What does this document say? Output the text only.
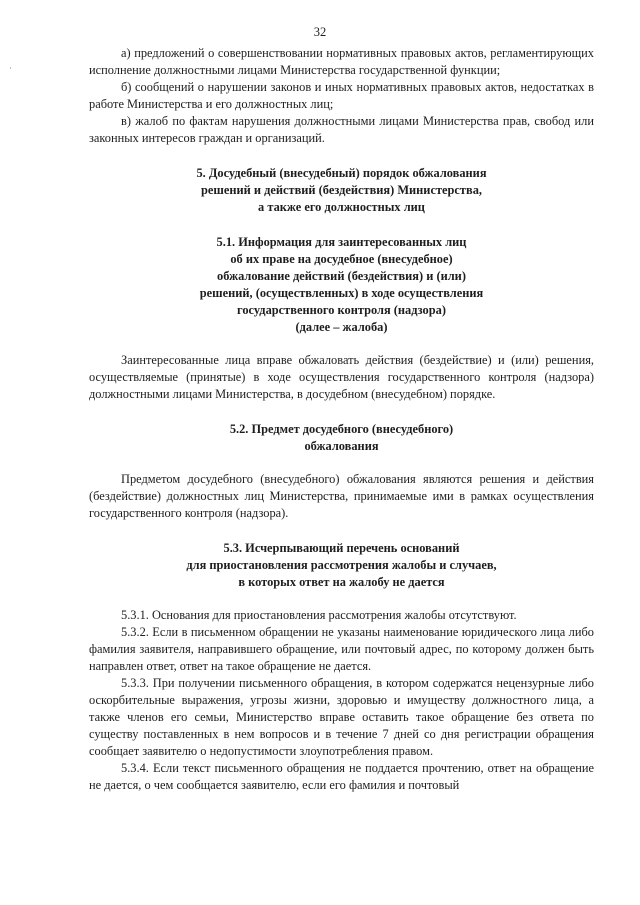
32
·

а) предложений о совершенствовании нормативных правовых актов, регламентирующих исполнение должностными лицами Министерства государственной функции;

б) сообщений о нарушении законов и иных нормативных правовых актов, недостатках в работе Министерства и его должностных лиц;

в) жалоб по фактам нарушения должностными лицами Министерства прав, свобод или законных интересов граждан и организаций.

5. Досудебный (внесудебный) порядок обжалования
решений и действий (бездействия) Министерства,
а также его должностных лиц
5.1. Информация для заинтересованных лиц
об их праве на досудебное (внесудебное)
обжалование действий (бездействия) и (или)
решений, (осуществленных) в ходе осуществления
государственного контроля (надзора)
(далее – жалоба)

Заинтересованные лица вправе обжаловать действия (бездействие) и (или) решения, осуществляемые (принятые) в ходе осуществления государственного контроля (надзора) должностными лицами Министерства, в досудебном (внесудебном) порядке.

5.2. Предмет досудебного (внесудебного)
обжалования

Предметом досудебного (внесудебного) обжалования являются решения и действия (бездействие) должностных лиц Министерства, принимаемые ими в рамках осуществления государственного контроля (надзора).

5.3. Исчерпывающий перечень оснований
для приостановления рассмотрения жалобы и случаев,
в которых ответ на жалобу не дается

5.3.1. Основания для приостановления рассмотрения жалобы отсутствуют.

5.3.2. Если в письменном обращении не указаны наименование юридического лица либо фамилия заявителя, направившего обращение, или почтовый адрес, по которому должен быть направлен ответ, ответ на такое обращение не дается.

5.3.3. При получении письменного обращения, в котором содержатся нецензурные либо оскорбительные выражения, угрозы жизни, здоровью и имуществу должностного лица, а также членов его семьи, Министерство вправе оставить такое обращение без ответа по существу поставленных в нем вопросов и в течение 7 дней со дня регистрации обращения сообщает заявителю о недопустимости злоупотребления правом.

5.3.4. Если текст письменного обращения не поддается прочтению, ответ на обращение не дается, о чем сообщается заявителю, если его фамилия и почтовый
